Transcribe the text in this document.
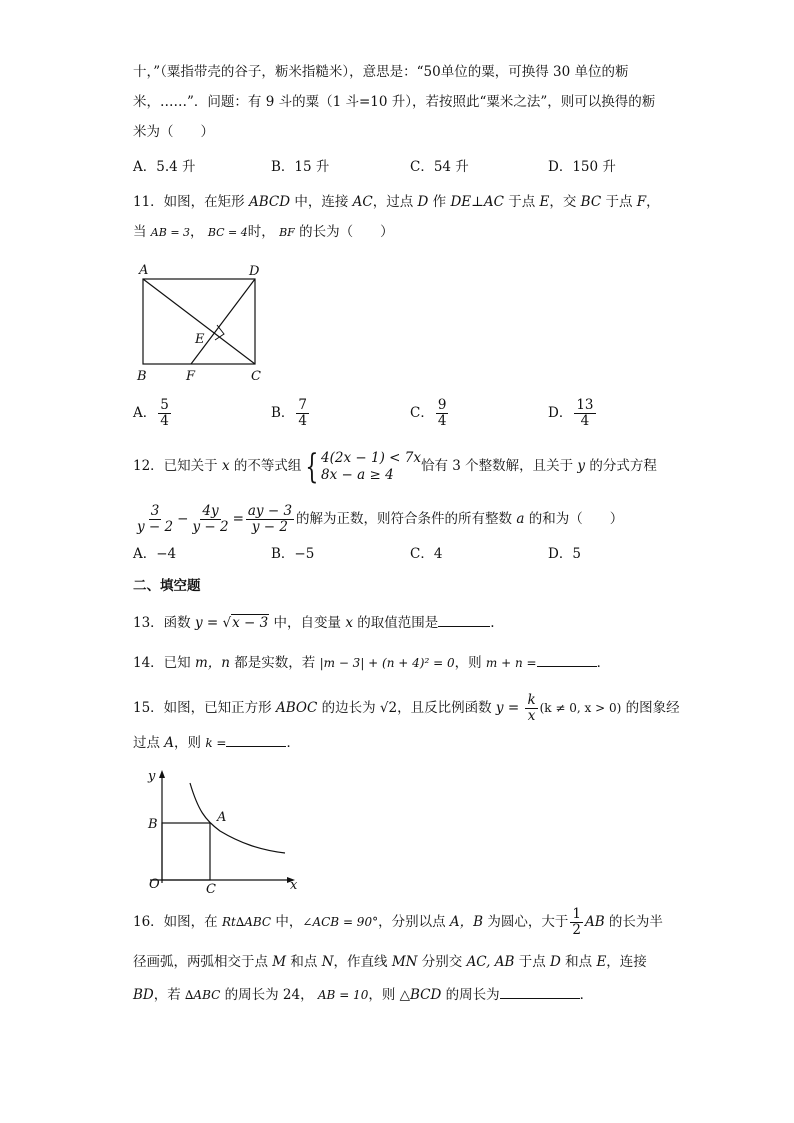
十，”（粟指带壳的谷子，粝米指糙米），意思是：“50单位的粟，可换得 30 单位的粝
米，……”．问题：有 9 斗的粟（1 斗=10 升），若按照此“粟米之法”，则可以换得的粝
米为（　　）
A．5.4 升	B．15 升	C．54 升	D．150 升
11．如图，在矩形 ABCD 中，连接 AC，过点 D 作 DE⊥AC 于点 E，交 BC 于点 F，
当 AB = 3， BC = 4时， BF 的长为（　　）
A	D
E
B	F	C
A． $\frac{5}{4}$	B． $\frac{7}{4}$	C． $\frac{9}{4}$	D． $\frac{13}{4}$
12．已知关于 x 的不等式组 { 4(2x − 1) < 7x
8x − a ≥ 4
恰有 3 个整数解，且关于 y 的分式方程
$\frac{3}{y - 2} - \frac{4y}{y - 2} = \frac{ay - 3}{y - 2}$ 的解为正数，则符合条件的所有整数 a 的和为（　　）
A．−4	B．−5	C．4	D．5
二、填空题
13．函数 y = √x − 3 中，自变量 x 的取值范围是	.
14．已知 m，n 都是实数，若 |m − 3| + (n + 4)² = 0，则 m + n =	．
15．如图，已知正方形 ABOC 的边长为 √2，且反比例函数 $y = \frac{k}{x} (k \ne 0$, x > 0) 的图象经
过点 A，则 k =	．
y
A
B
O	C	x
16．如图，在 Rt∆ABC 中，∠ACB = 90°，分别以点 A，B 为圆心，大于 $\frac{1}{2}$ AB 的长为半
径画弧，两弧相交于点 M 和点 N，作直线 MN 分别交 AC, AB 于点 D 和点 E，连接
BD，若 ∆ABC 的周长为 24， AB = 10，则 △BCD 的周长为	．
